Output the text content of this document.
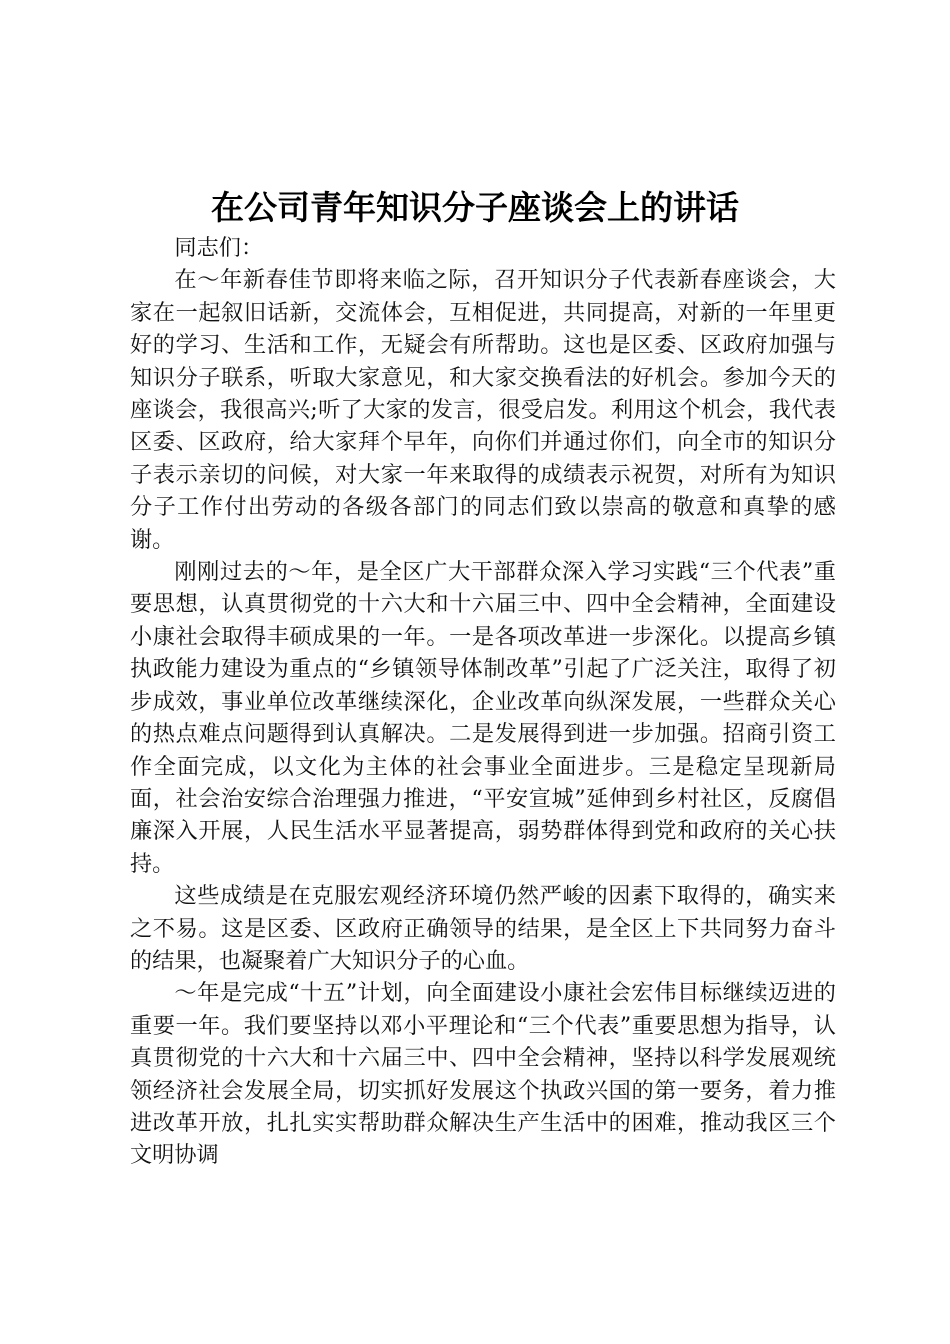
在公司青年知识分子座谈会上的讲话

同志们：

在～年新春佳节即将来临之际，召开知识分子代表新春座谈会，大家在一起叙旧话新，交流体会，互相促进，共同提高，对新的一年里更好的学习、生活和工作，无疑会有所帮助。这也是区委、区政府加强与知识分子联系，听取大家意见，和大家交换看法的好机会。参加今天的座谈会，我很高兴;听了大家的发言，很受启发。利用这个机会，我代表区委、区政府，给大家拜个早年，向你们并通过你们，向全市的知识分子表示亲切的问候，对大家一年来取得的成绩表示祝贺，对所有为知识分子工作付出劳动的各级各部门的同志们致以崇高的敬意和真挚的感谢。

刚刚过去的～年，是全区广大干部群众深入学习实践“三个代表”重要思想，认真贯彻党的十六大和十六届三中、四中全会精神，全面建设小康社会取得丰硕成果的一年。一是各项改革进一步深化。以提高乡镇执政能力建设为重点的“乡镇领导体制改革”引起了广泛关注，取得了初步成效，事业单位改革继续深化，企业改革向纵深发展，一些群众关心的热点难点问题得到认真解决。二是发展得到进一步加强。招商引资工作全面完成，以文化为主体的社会事业全面进步。三是稳定呈现新局面，社会治安综合治理强力推进，“平安宣城”延伸到乡村社区，反腐倡廉深入开展，人民生活水平显著提高，弱势群体得到党和政府的关心扶持。

这些成绩是在克服宏观经济环境仍然严峻的因素下取得的，确实来之不易。这是区委、区政府正确领导的结果，是全区上下共同努力奋斗的结果，也凝聚着广大知识分子的心血。

～年是完成“十五”计划，向全面建设小康社会宏伟目标继续迈进的重要一年。我们要坚持以邓小平理论和“三个代表”重要思想为指导，认真贯彻党的十六大和十六届三中、四中全会精神，坚持以科学发展观统领经济社会发展全局，切实抓好发展这个执政兴国的第一要务，着力推进改革开放，扎扎实实帮助群众解决生产生活中的困难，推动我区三个文明协调
